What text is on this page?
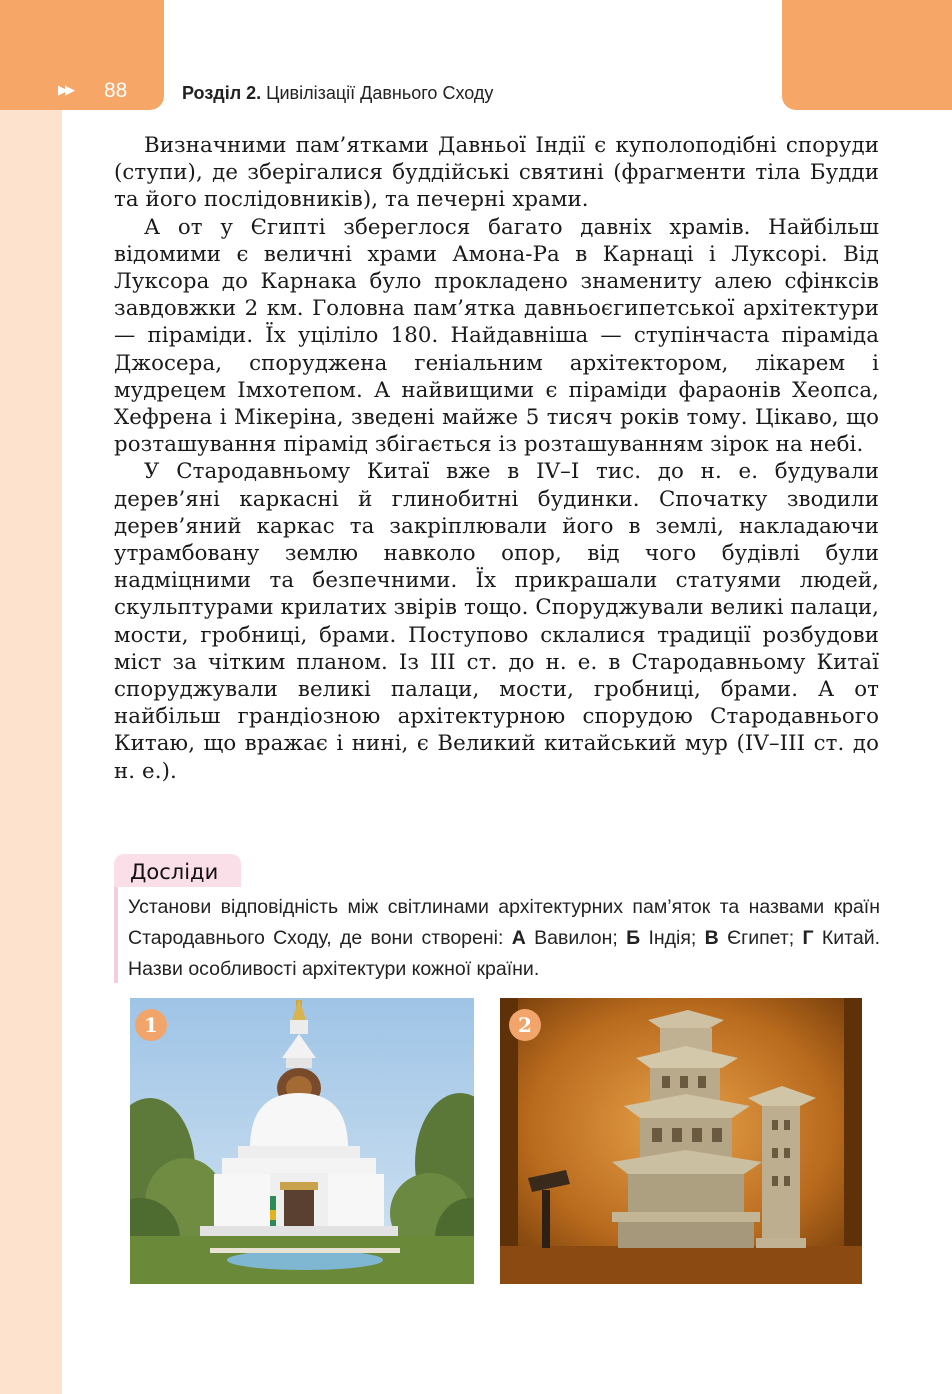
▶▶	88	Розділ 2. Цивілізації Давнього Сходу

Визначними пам’ятками Давньої Індії є куполоподібні споруди (ступи), де зберігалися буддійські святині (фрагменти тіла Будди та його послідовників), та печерні храми.

А от у Єгипті збереглося багато давніх храмів. Найбільш відомими є величні храми Амона-Ра в Карнаці і Луксорі. Від Луксора до Карнака було прокладено знамениту алею сфінксів завдовжки 2 км. Головна пам’ятка давньоєгипетської архітектури — піраміди. Їх уціліло 180. Найдавніша — ступінчаста піраміда Джосера, споруджена геніальним архітектором, лікарем і мудрецем Імхотепом. А найвищими є піраміди фараонів Хеопса, Хефрена і Мікеріна, зведені майже 5 тисяч років тому. Цікаво, що розташування пірамід збігається із розташуванням зірок на небі.

У Стародавньому Китаї вже в IV–I тис. до н. е. будували дерев’яні каркасні й глинобитні будинки. Спочатку зводили дерев’яний каркас та закріплювали його в землі, накладаючи утрамбовану землю навколо опор, від чого будівлі були надміцними та безпечними. Їх прикрашали статуями людей, скульптурами крилатих звірів тощо. Споруджували великі палаци, мости, гробниці, брами. Поступово склалися традиції розбудови міст за чітким планом. Із III ст. до н. е. в Стародавньому Китаї споруджували великі палаци, мости, гробниці, брами. А от найбільш грандіозною архітектурною спорудою Стародавнього Китаю, що вражає і нині, є Великий китайський мур (IV–III ст. до н. е.).

Досліди
Установи відповідність між світлинами архітектурних пам’яток та назвами країн Стародавнього Сходу, де вони створені: А Вавилон; Б Індія; В Єгипет; Г Китай. Назви особливості архітектури кожної країни.
1	2
